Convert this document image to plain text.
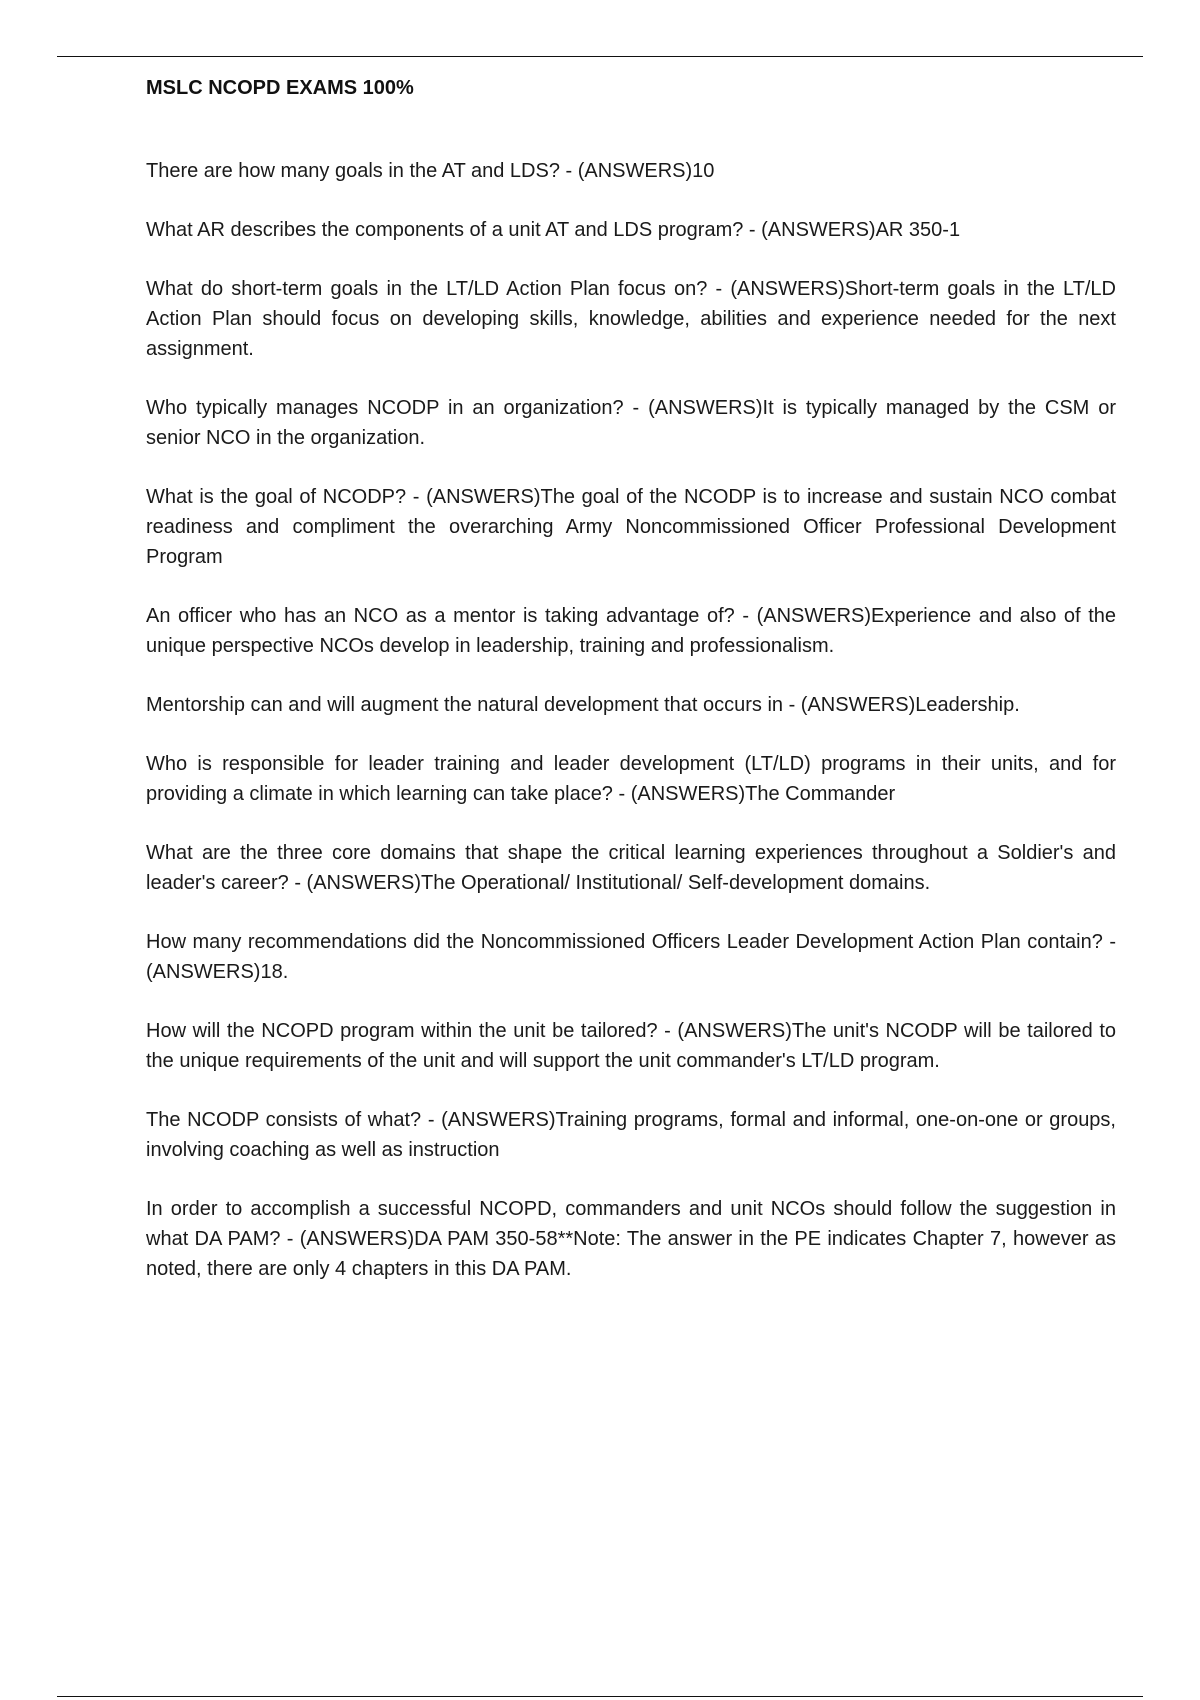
MSLC NCOPD EXAMS 100%

There are how many goals in the AT and LDS? - (ANSWERS)10

What AR describes the components of a unit AT and LDS program? - (ANSWERS)AR 350-1

What do short-term goals in the LT/LD Action Plan focus on? - (ANSWERS)Short-term goals in the LT/LD Action Plan should focus on developing skills, knowledge, abilities and experience needed for the next assignment.

Who typically manages NCODP in an organization? - (ANSWERS)It is typically managed by the CSM or senior NCO in the organization.

What is the goal of NCODP? - (ANSWERS)The goal of the NCODP is to increase and sustain NCO combat readiness and compliment the overarching Army Noncommissioned Officer Professional Development Program

An officer who has an NCO as a mentor is taking advantage of? - (ANSWERS)Experience and also of the unique perspective NCOs develop in leadership, training and professionalism.

Mentorship can and will augment the natural development that occurs in - (ANSWERS)Leadership.

Who is responsible for leader training and leader development (LT/LD) programs in their units, and for providing a climate in which learning can take place? - (ANSWERS)The Commander

What are the three core domains that shape the critical learning experiences throughout a Soldier's and leader's career? - (ANSWERS)The Operational/ Institutional/ Self-development domains.

How many recommendations did the Noncommissioned Officers Leader Development Action Plan contain? - (ANSWERS)18.

How will the NCOPD program within the unit be tailored? - (ANSWERS)The unit's NCODP will be tailored to the unique requirements of the unit and will support the unit commander's LT/LD program.

The NCODP consists of what? - (ANSWERS)Training programs, formal and informal, one-on-one or groups, involving coaching as well as instruction

In order to accomplish a successful NCOPD, commanders and unit NCOs should follow the suggestion in what DA PAM? - (ANSWERS)DA PAM 350-58**Note: The answer in the PE indicates Chapter 7, however as noted, there are only 4 chapters in this DA PAM.
